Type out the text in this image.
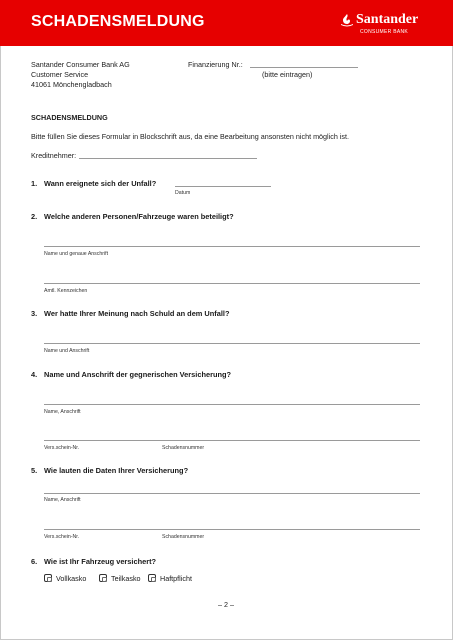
SCHADENSMELDUNG	Santander
CONSUMER BANK
Santander Consumer Bank AG
Customer Service
41061 Mönchengladbach
Finanzierung Nr.:
(bitte eintragen)
SCHADENSMELDUNG
Bitte füllen Sie dieses Formular in Blockschrift aus, da eine Bearbeitung ansonsten nicht möglich ist.
Kreditnehmer:
1. Wann ereignete sich der Unfall?
Datum
2. Welche anderen Personen/Fahrzeuge waren beteiligt?
Name und genaue Anschrift
Amtl. Kennzeichen
3. Wer hatte Ihrer Meinung nach Schuld an dem Unfall?
Name und Anschrift
4. Name und Anschrift der gegnerischen Versicherung?
Name, Anschrift
Vers.schein-Nr.	Schadensnummer
5. Wie lauten die Daten Ihrer Versicherung?
Name, Anschrift
Vers.schein-Nr.	Schadensnummer
6. Wie ist Ihr Fahrzeug versichert?
Vollkasko	Teilkasko	Haftpflicht
– 2 –
